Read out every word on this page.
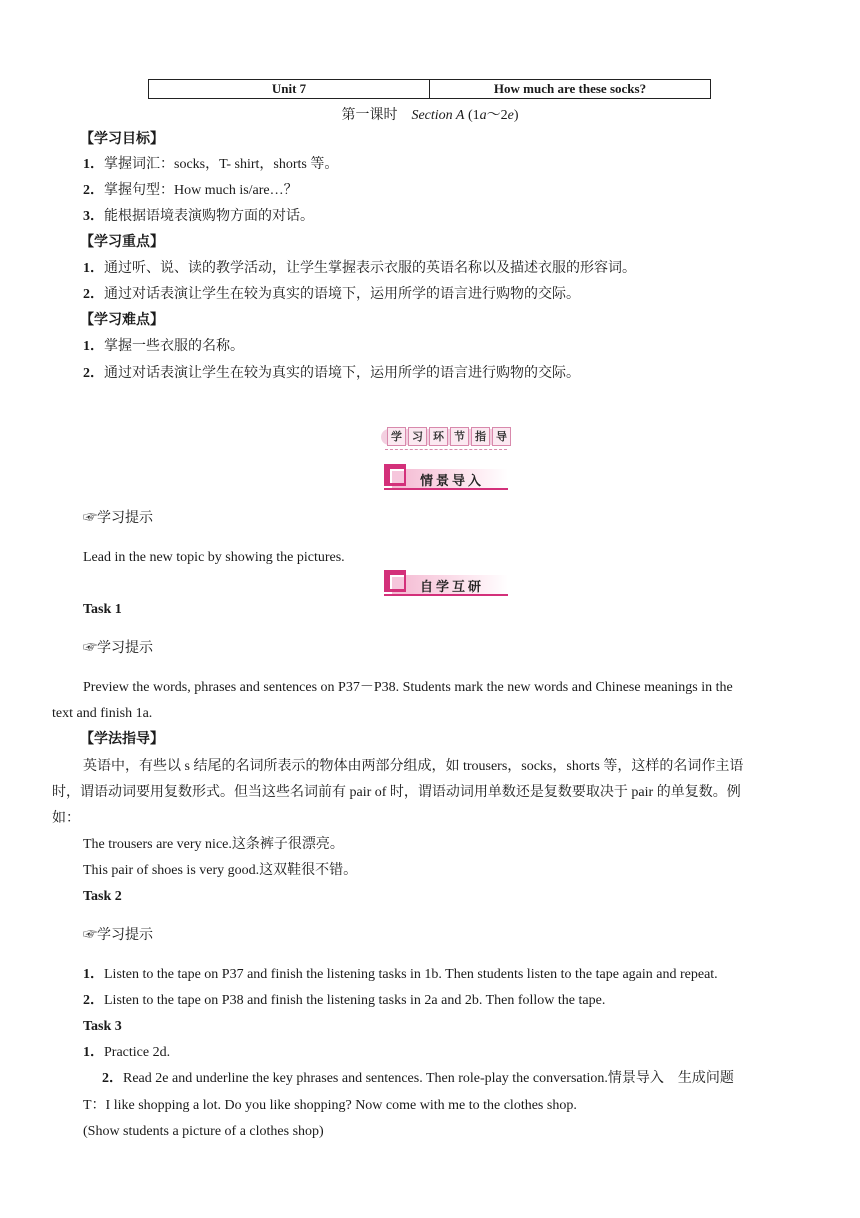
Unit 7	How much are these socks?
第一课时 Section A (1a～2e)
【学习目标】
1．掌握词汇：socks，T- shirt，shorts 等。
2．掌握句型：How much is/are…？
3．能根据语境表演购物方面的对话。
【学习重点】
1．通过听、说、读的教学活动，让学生掌握表示衣服的英语名称以及描述衣服的形容词。
2．通过对话表演让学生在较为真实的语境下，运用所学的语言进行购物的交际。
【学习难点】
1．掌握一些衣服的名称。
2．通过对话表演让学生在较为真实的语境下，运用所学的语言进行购物的交际。
学 习 环 节 指 导
情景导入
☞学习提示
Lead in the new topic by showing the pictures.
自学互研
Task 1
☞学习提示
Preview the words, phrases and sentences on P37－P38. Students mark the new words and Chinese meanings in the
text and finish 1a.
【学法指导】
英语中，有些以 s 结尾的名词所表示的物体由两部分组成，如 trousers，socks，shorts 等，这样的名词作主语
时，谓语动词要用复数形式。但当这些名词前有 pair of 时，谓语动词用单数还是复数要取决于 pair 的单复数。例
如：
The trousers are very nice.这条裤子很漂亮。
This pair of shoes is very good.这双鞋很不错。
Task 2
☞学习提示
1．Listen to the tape on P37 and finish the listening tasks in 1b. Then students listen to the tape again and repeat.
2．Listen to the tape on P38 and finish the listening tasks in 2a and 2b. Then follow the tape.
Task 3
1．Practice 2d.
2．Read 2e and underline the key phrases and sentences. Then role-play the conversation.情景导入　生成问题
T：I like shopping a lot. Do you like shopping? Now come with me to the clothes shop.
(Show students a picture of a clothes shop)
